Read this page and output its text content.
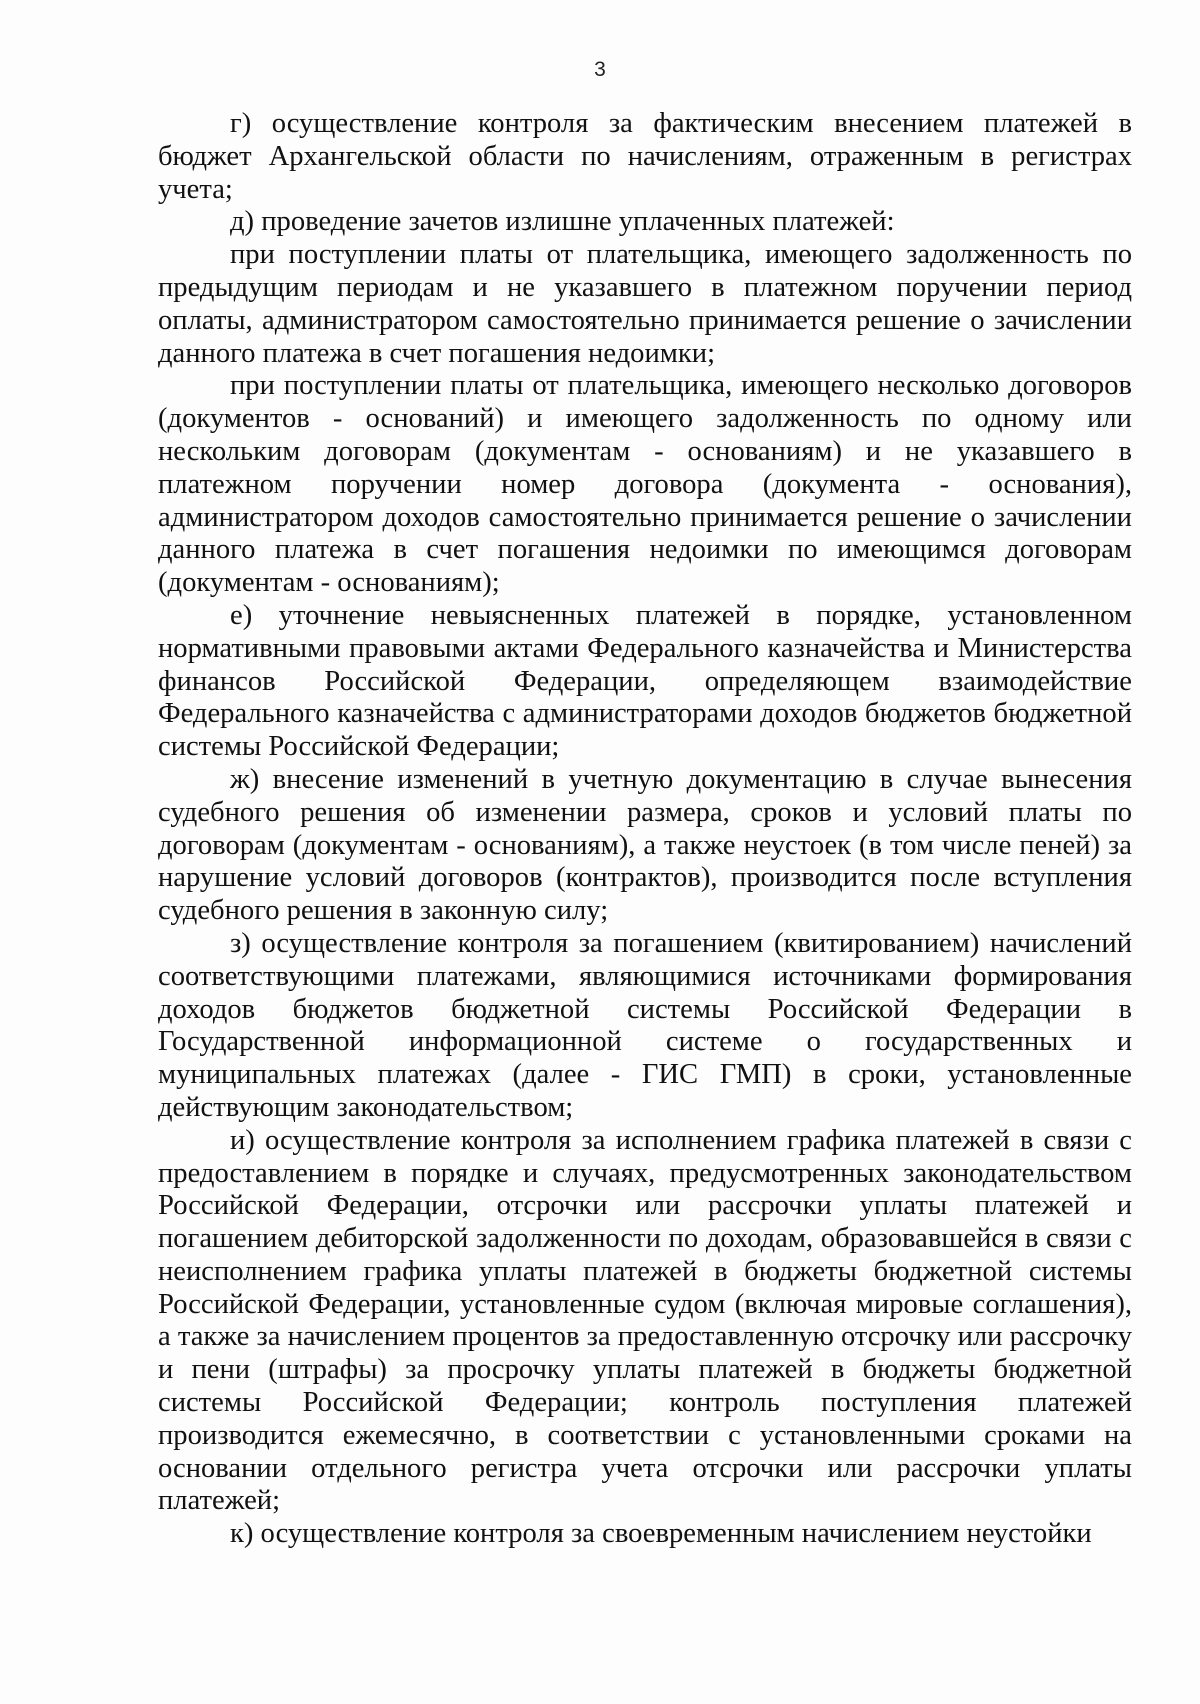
3

г) осуществление контроля за фактическим внесением платежей в бюджет Архангельской области по начислениям, отраженным в регистрах учета;

д) проведение зачетов излишне уплаченных платежей:

при поступлении платы от плательщика, имеющего задолженность по предыдущим периодам и не указавшего в платежном поручении период оплаты, администратором самостоятельно принимается решение о зачислении данного платежа в счет погашения недоимки;

при поступлении платы от плательщика, имеющего несколько договоров (документов - оснований) и имеющего задолженность по одному или нескольким договорам (документам - основаниям) и не указавшего в платежном поручении номер договора (документа - основания), администратором доходов самостоятельно принимается решение о зачислении данного платежа в счет погашения недоимки по имеющимся договорам (документам - основаниям);

е) уточнение невыясненных платежей в порядке, установленном нормативными правовыми актами Федерального казначейства и Министерства финансов Российской Федерации, определяющем взаимодействие Федерального казначейства с администраторами доходов бюджетов бюджетной системы Российской Федерации;

ж) внесение изменений в учетную документацию в случае вынесения судебного решения об изменении размера, сроков и условий платы по договорам (документам - основаниям), а также неустоек (в том числе пеней) за нарушение условий договоров (контрактов), производится после вступления судебного решения в законную силу;

з) осуществление контроля за погашением (квитированием) начислений соответствующими платежами, являющимися источниками формирования доходов бюджетов бюджетной системы Российской Федерации в Государственной информационной системе о государственных и муниципальных платежах (далее - ГИС ГМП) в сроки, установленные действующим законодательством;

и) осуществление контроля за исполнением графика платежей в связи с предоставлением в порядке и случаях, предусмотренных законодательством Российской Федерации, отсрочки или рассрочки уплаты платежей и погашением дебиторской задолженности по доходам, образовавшейся в связи с неисполнением графика уплаты платежей в бюджеты бюджетной системы Российской Федерации, установленные судом (включая мировые соглашения), а также за начислением процентов за предоставленную отсрочку или рассрочку и пени (штрафы) за просрочку уплаты платежей в бюджеты бюджетной системы Российской Федерации; контроль поступления платежей производится ежемесячно, в соответствии с установленными сроками на основании отдельного регистра учета отсрочки или рассрочки уплаты платежей;

к) осуществление контроля за своевременным начислением неустойки
